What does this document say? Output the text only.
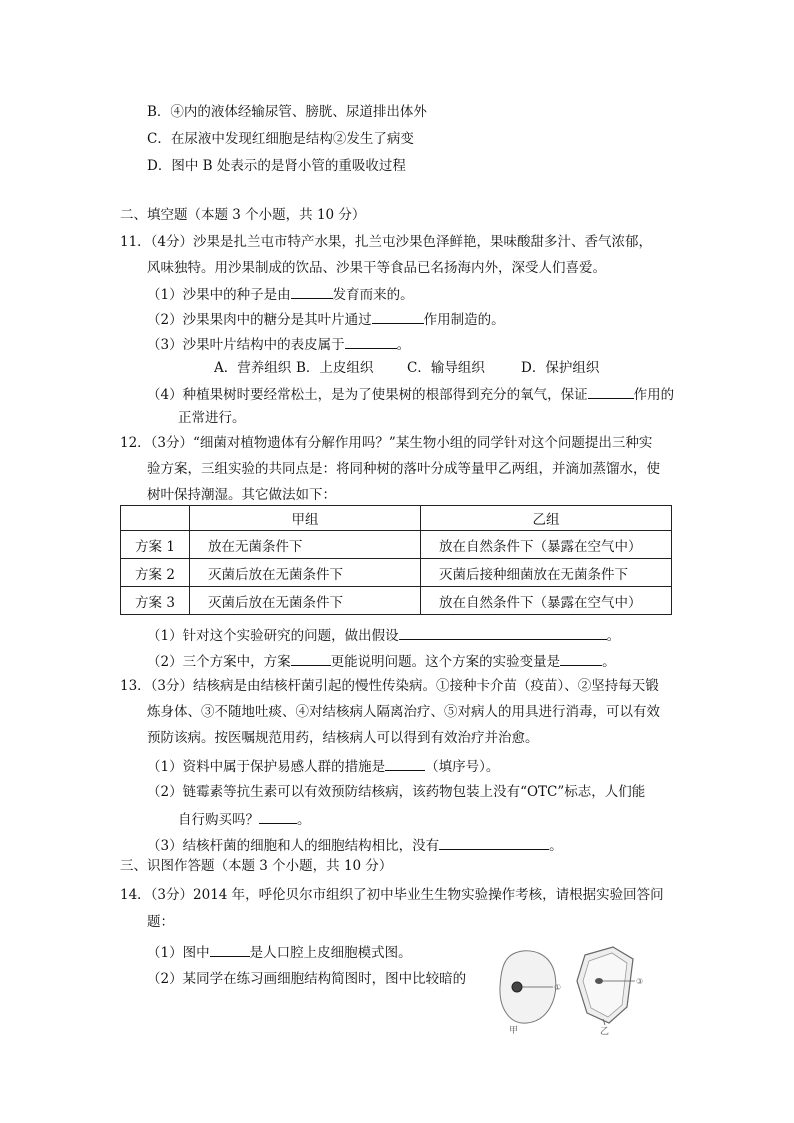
B．④内的液体经输尿管、膀胱、尿道排出体外
C．在尿液中发现红细胞是结构②发生了病变
D．图中 B 处表示的是肾小管的重吸收过程
二、填空题（本题 3 个小题，共 10 分）
11．（4分）沙果是扎兰屯市特产水果，扎兰屯沙果色泽鲜艳，果味酸甜多汁、香气浓郁，
风味独特。用沙果制成的饮品、沙果干等食品已名扬海内外，深受人们喜爱。
（1）沙果中的种子是由	发育而来的。
（2）沙果果肉中的糖分是其叶片通过	作用制造的。
（3）沙果叶片结构中的表皮属于	。
A．营养组织 B．上皮组织 C．输导组织	D．保护组织
（4）种植果树时要经常松土，是为了使果树的根部得到充分的氧气，保证	作用的
正常进行。
12．（3分）“细菌对植物遗体有分解作用吗？”某生物小组的同学针对这个问题提出三种实
验方案，三组实验的共同点是：将同种树的落叶分成等量甲乙两组，并滴加蒸馏水，使
树叶保持潮湿。其它做法如下：
	甲组	乙组
方案 1	放在无菌条件下	放在自然条件下（暴露在空气中）
方案 2	灭菌后放在无菌条件下	灭菌后接种细菌放在无菌条件下
方案 3	灭菌后放在无菌条件下	放在自然条件下（暴露在空气中）
（1）针对这个实验研究的问题，做出假设	。
（2）三个方案中，方案	更能说明问题。这个方案的实验变量是	。
13．（3分）结核病是由结核杆菌引起的慢性传染病。①接种卡介苗（疫苗）、②坚持每天锻
炼身体、③不随地吐痰、④对结核病人隔离治疗、⑤对病人的用具进行消毒，可以有效
预防该病。按医嘱规范用药，结核病人可以得到有效治疗并治愈。
（1）资料中属于保护易感人群的措施是	（填序号）。
（2）链霉素等抗生素可以有效预防结核病，该药物包装上没有“OTC”标志，人们能
自行购买吗？	。
（3）结核杆菌的细胞和人的细胞结构相比，没有	。
三、识图作答题（本题 3 个小题，共 10 分）
14．（3分）2014 年，呼伦贝尔市组织了初中毕业生生物实验操作考核，请根据实验回答问
题：
（1）图中	是人口腔上皮细胞模式图。
（2）某同学在练习画细胞结构简图时，图中比较暗的
①
甲
③
乙
